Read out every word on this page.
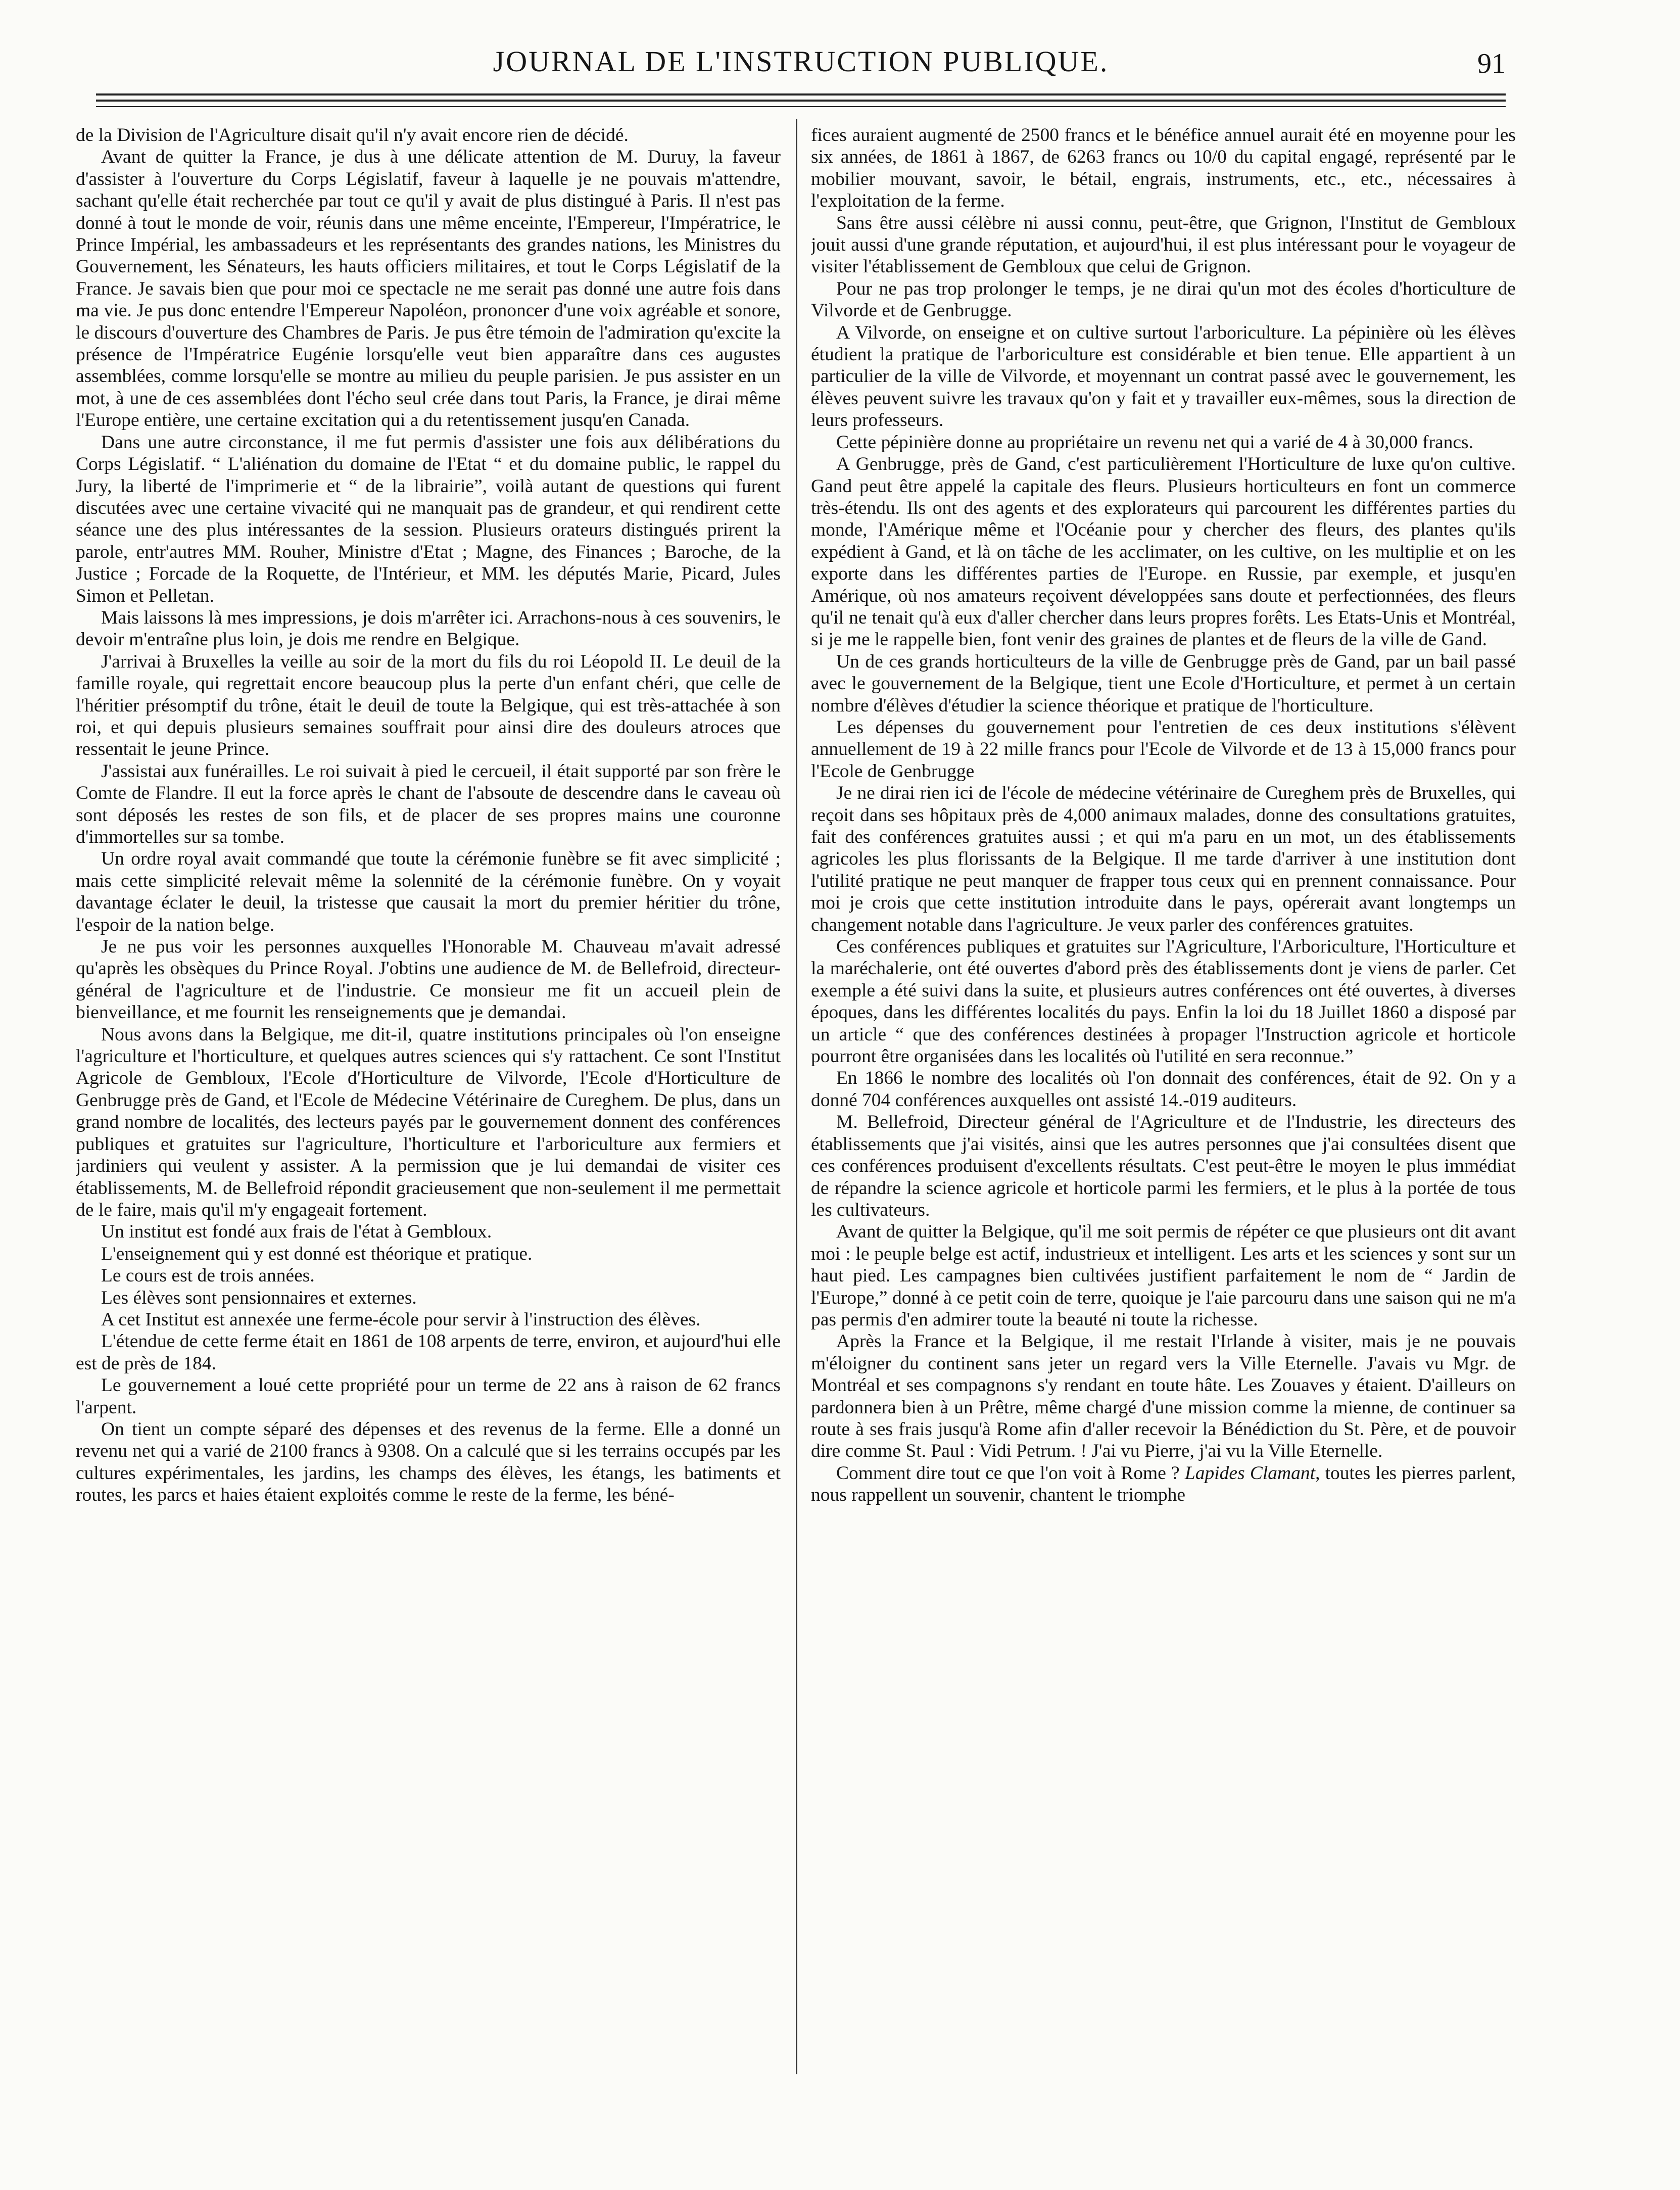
JOURNAL DE L'INSTRUCTION PUBLIQUE.	91

de la Division de l'Agriculture disait qu'il n'y avait encore rien de décidé.

Avant de quitter la France, je dus à une délicate attention de M. Duruy, la faveur d'assister à l'ouverture du Corps Législatif, faveur à laquelle je ne pouvais m'attendre, sachant qu'elle était recherchée par tout ce qu'il y avait de plus distingué à Paris. Il n'est pas donné à tout le monde de voir, réunis dans une même enceinte, l'Empereur, l'Impératrice, le Prince Impérial, les ambassadeurs et les représentants des grandes nations, les Ministres du Gouvernement, les Sénateurs, les hauts officiers militaires, et tout le Corps Législatif de la France. Je savais bien que pour moi ce spectacle ne me serait pas donné une autre fois dans ma vie. Je pus donc entendre l'Empereur Napoléon, prononcer d'une voix agréable et sonore, le discours d'ouverture des Chambres de Paris. Je pus être témoin de l'admiration qu'excite la présence de l'Impératrice Eugénie lorsqu'elle veut bien apparaître dans ces augustes assemblées, comme lorsqu'elle se montre au milieu du peuple parisien. Je pus assister en un mot, à une de ces assemblées dont l'écho seul crée dans tout Paris, la France, je dirai même l'Europe entière, une certaine excitation qui a du retentissement jusqu'en Canada.

Dans une autre circonstance, il me fut permis d'assister une fois aux délibérations du Corps Législatif. “ L'aliénation du domaine de l'Etat “ et du domaine public, le rappel du Jury, la liberté de l'imprimerie et “ de la librairie”, voilà autant de questions qui furent discutées avec une certaine vivacité qui ne manquait pas de grandeur, et qui rendirent cette séance une des plus intéressantes de la session. Plusieurs orateurs distingués prirent la parole, entr'autres MM. Rouher, Ministre d'Etat ; Magne, des Finances ; Baroche, de la Justice ; Forcade de la Roquette, de l'Intérieur, et MM. les députés Marie, Picard, Jules Simon et Pelletan.

Mais laissons là mes impressions, je dois m'arrêter ici. Arrachons-nous à ces souvenirs, le devoir m'entraîne plus loin, je dois me rendre en Belgique.

J'arrivai à Bruxelles la veille au soir de la mort du fils du roi Léopold II. Le deuil de la famille royale, qui regrettait encore beaucoup plus la perte d'un enfant chéri, que celle de l'héritier présomptif du trône, était le deuil de toute la Belgique, qui est très-attachée à son roi, et qui depuis plusieurs semaines souffrait pour ainsi dire des douleurs atroces que ressentait le jeune Prince.

J'assistai aux funérailles. Le roi suivait à pied le cercueil, il était supporté par son frère le Comte de Flandre. Il eut la force après le chant de l'absoute de descendre dans le caveau où sont déposés les restes de son fils, et de placer de ses propres mains une couronne d'immortelles sur sa tombe.

Un ordre royal avait commandé que toute la cérémonie funèbre se fit avec simplicité ; mais cette simplicité relevait même la solennité de la cérémonie funèbre. On y voyait davantage éclater le deuil, la tristesse que causait la mort du premier héritier du trône, l'espoir de la nation belge.

Je ne pus voir les personnes auxquelles l'Honorable M. Chauveau m'avait adressé qu'après les obsèques du Prince Royal. J'obtins une audience de M. de Bellefroid, directeur-général de l'agriculture et de l'industrie. Ce monsieur me fit un accueil plein de bienveillance, et me fournit les renseignements que je demandai.

Nous avons dans la Belgique, me dit-il, quatre institutions principales où l'on enseigne l'agriculture et l'horticulture, et quelques autres sciences qui s'y rattachent. Ce sont l'Institut Agricole de Gembloux, l'Ecole d'Horticulture de Vilvorde, l'Ecole d'Horticulture de Genbrugge près de Gand, et l'Ecole de Médecine Vétérinaire de Cureghem. De plus, dans un grand nombre de localités, des lecteurs payés par le gouvernement donnent des conférences publiques et gratuites sur l'agriculture, l'horticulture et l'arboriculture aux fermiers et jardiniers qui veulent y assister. A la permission que je lui demandai de visiter ces établissements, M. de Bellefroid répondit gracieusement que non-seulement il me permettait de le faire, mais qu'il m'y engageait fortement.

Un institut est fondé aux frais de l'état à Gembloux.

L'enseignement qui y est donné est théorique et pratique.

Le cours est de trois années.

Les élèves sont pensionnaires et externes.

A cet Institut est annexée une ferme-école pour servir à l'instruction des élèves.

L'étendue de cette ferme était en 1861 de 108 arpents de terre, environ, et aujourd'hui elle est de près de 184.

Le gouvernement a loué cette propriété pour un terme de 22 ans à raison de 62 francs l'arpent.

On tient un compte séparé des dépenses et des revenus de la ferme. Elle a donné un revenu net qui a varié de 2100 francs à 9308. On a calculé que si les terrains occupés par les cultures expérimentales, les jardins, les champs des élèves, les étangs, les batiments et routes, les parcs et haies étaient exploités comme le reste de la ferme, les béné-

fices auraient augmenté de 2500 francs et le bénéfice annuel aurait été en moyenne pour les six années, de 1861 à 1867, de 6263 francs ou 10/0 du capital engagé, représenté par le mobilier mouvant, savoir, le bétail, engrais, instruments, etc., etc., nécessaires à l'exploitation de la ferme.

Sans être aussi célèbre ni aussi connu, peut-être, que Grignon, l'Institut de Gembloux jouit aussi d'une grande réputation, et aujourd'hui, il est plus intéressant pour le voyageur de visiter l'établissement de Gembloux que celui de Grignon.

Pour ne pas trop prolonger le temps, je ne dirai qu'un mot des écoles d'horticulture de Vilvorde et de Genbrugge.

A Vilvorde, on enseigne et on cultive surtout l'arboriculture. La pépinière où les élèves étudient la pratique de l'arboriculture est considérable et bien tenue. Elle appartient à un particulier de la ville de Vilvorde, et moyennant un contrat passé avec le gouvernement, les élèves peuvent suivre les travaux qu'on y fait et y travailler eux-mêmes, sous la direction de leurs professeurs.

Cette pépinière donne au propriétaire un revenu net qui a varié de 4 à 30,000 francs.

A Genbrugge, près de Gand, c'est particulièrement l'Horticulture de luxe qu'on cultive. Gand peut être appelé la capitale des fleurs. Plusieurs horticulteurs en font un commerce très-étendu. Ils ont des agents et des explorateurs qui parcourent les différentes parties du monde, l'Amérique même et l'Océanie pour y chercher des fleurs, des plantes qu'ils expédient à Gand, et là on tâche de les acclimater, on les cultive, on les multiplie et on les exporte dans les différentes parties de l'Europe. en Russie, par exemple, et jusqu'en Amérique, où nos amateurs reçoivent développées sans doute et perfectionnées, des fleurs qu'il ne tenait qu'à eux d'aller chercher dans leurs propres forêts. Les Etats-Unis et Montréal, si je me le rappelle bien, font venir des graines de plantes et de fleurs de la ville de Gand.

Un de ces grands horticulteurs de la ville de Genbrugge près de Gand, par un bail passé avec le gouvernement de la Belgique, tient une Ecole d'Horticulture, et permet à un certain nombre d'élèves d'étudier la science théorique et pratique de l'horticulture.

Les dépenses du gouvernement pour l'entretien de ces deux institutions s'élèvent annuellement de 19 à 22 mille francs pour l'Ecole de Vilvorde et de 13 à 15,000 francs pour l'Ecole de Genbrugge

Je ne dirai rien ici de l'école de médecine vétérinaire de Cureghem près de Bruxelles, qui reçoit dans ses hôpitaux près de 4,000 animaux malades, donne des consultations gratuites, fait des conférences gratuites aussi ; et qui m'a paru en un mot, un des établissements agricoles les plus florissants de la Belgique. Il me tarde d'arriver à une institution dont l'utilité pratique ne peut manquer de frapper tous ceux qui en prennent connaissance. Pour moi je crois que cette institution introduite dans le pays, opérerait avant longtemps un changement notable dans l'agriculture. Je veux parler des conférences gratuites.

Ces conférences publiques et gratuites sur l'Agriculture, l'Arboriculture, l'Horticulture et la maréchalerie, ont été ouvertes d'abord près des établissements dont je viens de parler. Cet exemple a été suivi dans la suite, et plusieurs autres conférences ont été ouvertes, à diverses époques, dans les différentes localités du pays. Enfin la loi du 18 Juillet 1860 a disposé par un article “ que des conférences destinées à propager l'Instruction agricole et horticole pourront être organisées dans les localités où l'utilité en sera reconnue.”

En 1866 le nombre des localités où l'on donnait des conférences, était de 92. On y a donné 704 conférences auxquelles ont assisté 14.-019 auditeurs.

M. Bellefroid, Directeur général de l'Agriculture et de l'Industrie, les directeurs des établissements que j'ai visités, ainsi que les autres personnes que j'ai consultées disent que ces conférences produisent d'excellents résultats. C'est peut-être le moyen le plus immédiat de répandre la science agricole et horticole parmi les fermiers, et le plus à la portée de tous les cultivateurs.

Avant de quitter la Belgique, qu'il me soit permis de répéter ce que plusieurs ont dit avant moi : le peuple belge est actif, industrieux et intelligent. Les arts et les sciences y sont sur un haut pied. Les campagnes bien cultivées justifient parfaitement le nom de “ Jardin de l'Europe,” donné à ce petit coin de terre, quoique je l'aie parcouru dans une saison qui ne m'a pas permis d'en admirer toute la beauté ni toute la richesse.

Après la France et la Belgique, il me restait l'Irlande à visiter, mais je ne pouvais m'éloigner du continent sans jeter un regard vers la Ville Eternelle. J'avais vu Mgr. de Montréal et ses compagnons s'y rendant en toute hâte. Les Zouaves y étaient. D'ailleurs on pardonnera bien à un Prêtre, même chargé d'une mission comme la mienne, de continuer sa route à ses frais jusqu'à Rome afin d'aller recevoir la Bénédiction du St. Père, et de pouvoir dire comme St. Paul : Vidi Petrum. ! J'ai vu Pierre, j'ai vu la Ville Eternelle.

Comment dire tout ce que l'on voit à Rome ? Lapides Clamant, toutes les pierres parlent, nous rappellent un souvenir, chantent le triomphe
